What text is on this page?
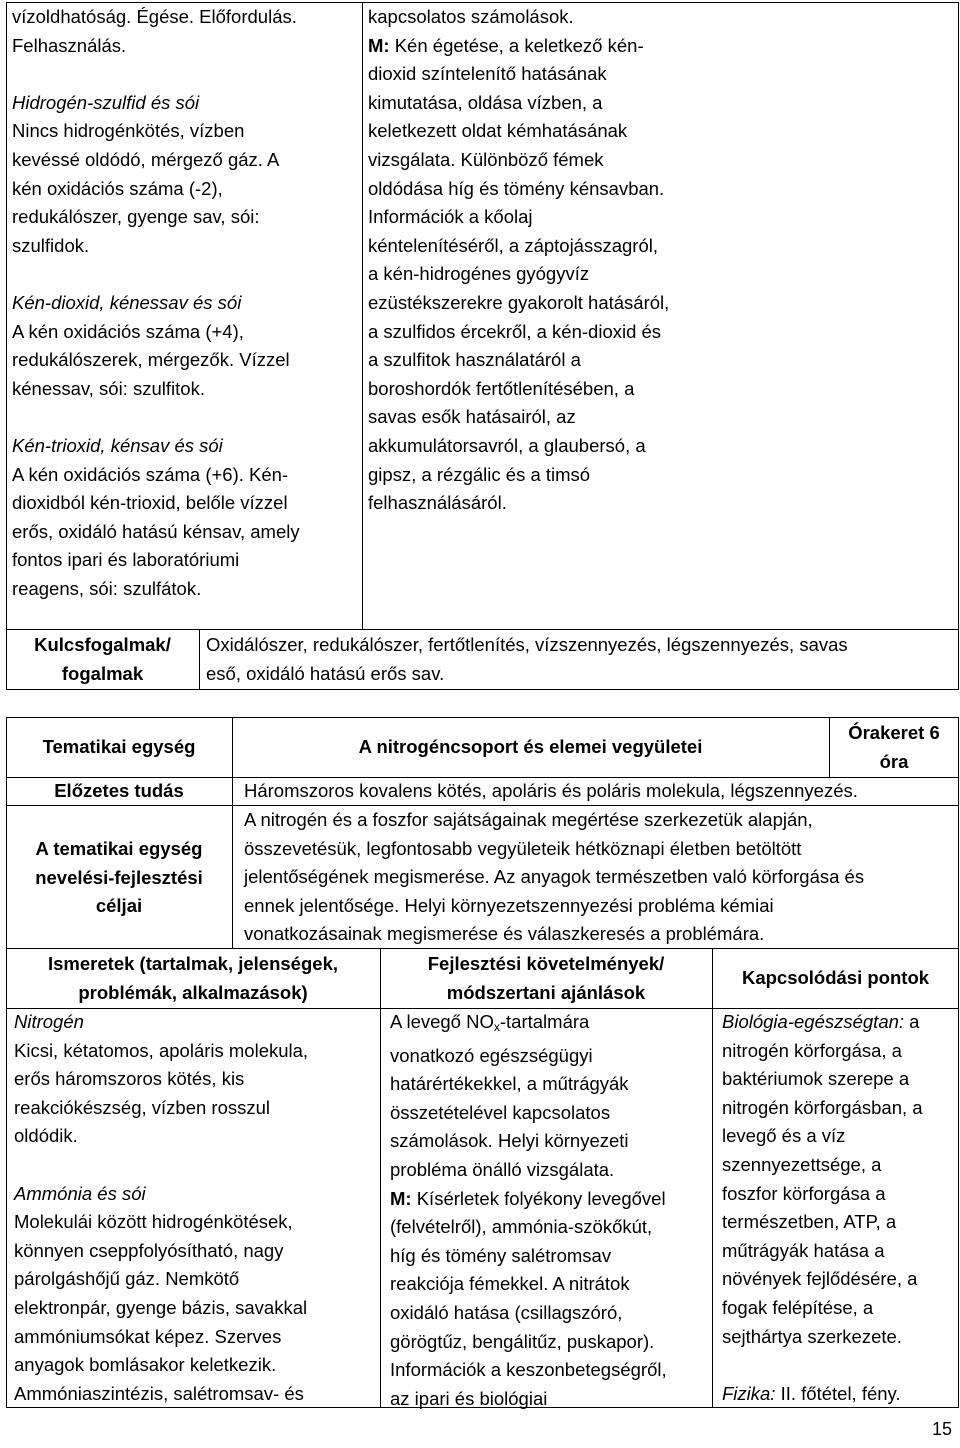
vízoldhatóság. Égése. Előfordulás.

Felhasználás.

Hidrogén-szulfid és sói

Nincs hidrogénkötés, vízben

kevéssé oldódó, mérgező gáz. A

kén oxidációs száma (-2),

redukálószer, gyenge sav, sói:

szulfidok.

Kén-dioxid, kénessav és sói

A kén oxidációs száma (+4),

redukálószerek, mérgezők. Vízzel

kénessav, sói: szulfitok.

Kén-trioxid, kénsav és sói

A kén oxidációs száma (+6). Kén-

dioxidból kén-trioxid, belőle vízzel

erős, oxidáló hatású kénsav, amely

fontos ipari és laboratóriumi

reagens, sói: szulfátok.

kapcsolatos számolások.

M: Kén égetése, a keletkező kén-

dioxid színtelenítő hatásának

kimutatása, oldása vízben, a

keletkezett oldat kémhatásának

vizsgálata. Különböző fémek

oldódása híg és tömény kénsavban.

Információk a kőolaj

kéntelenítéséről, a záptojásszagról,

a kén-hidrogénes gyógyvíz

ezüstékszerekre gyakorolt hatásáról,

a szulfidos ércekről, a kén-dioxid és

a szulfitok használatáról a

boroshordók fertőtlenítésében, a

savas esők hatásairól, az

akkumulátorsavról, a glaubersó, a

gipsz, a rézgálic és a timsó

felhasználásáról.

Kulcsfogalmak/

fogalmak

Oxidálószer, redukálószer, fertőtlenítés, vízszennyezés, légszennyezés, savas

eső, oxidáló hatású erős sav.

Tematikai egység	A nitrogéncsoport és elemei vegyületei

Órakeret 6

óra

Előzetes tudás	Háromszoros kovalens kötés, apoláris és poláris molekula, légszennyezés.

A tematikai egység

nevelési-fejlesztési

céljai

A nitrogén és a foszfor sajátságainak megértése szerkezetük alapján,

összevetésük, legfontosabb vegyületeik hétköznapi életben betöltött

jelentőségének megismerése. Az anyagok természetben való körforgása és

ennek jelentősége. Helyi környezetszennyezési probléma kémiai

vonatkozásainak megismerése és válaszkeresés a problémára.

Ismeretek (tartalmak, jelenségek,

problémák, alkalmazások)

Fejlesztési követelmények/

módszertani ajánlások

Kapcsolódási pontok

Nitrogén

Kicsi, kétatomos, apoláris molekula,

erős háromszoros kötés, kis

reakciókészség, vízben rosszul

oldódik.

Ammónia és sói

Molekulái között hidrogénkötések,

könnyen cseppfolyósítható, nagy

párolgáshőjű gáz. Nemkötő

elektronpár, gyenge bázis, savakkal

ammóniumsókat képez. Szerves

anyagok bomlásakor keletkezik.

Ammóniaszintézis, salétromsav- és

A levegő $NO_x$-tartalmára

vonatkozó egészségügyi

határértékekkel, a műtrágyák

összetételével kapcsolatos

számolások. Helyi környezeti

probléma önálló vizsgálata.

M: Kísérletek folyékony levegővel

(felvételről), ammónia-szökőkút,

híg és tömény salétromsav

reakciója fémekkel. A nitrátok

oxidáló hatása (csillagszóró,

görögtűz, bengálitűz, puskapor).

Információk a keszonbetegségről,

az ipari és biológiai

Biológia-egészségtan: a

nitrogén körforgása, a

baktériumok szerepe a

nitrogén körforgásban, a

levegő és a víz

szennyezettsége, a

foszfor körforgása a

természetben, ATP, a

műtrágyák hatása a

növények fejlődésére, a

fogak felépítése, a

sejthártya szerkezete.

Fizika: II. főtétel, fény.

15
